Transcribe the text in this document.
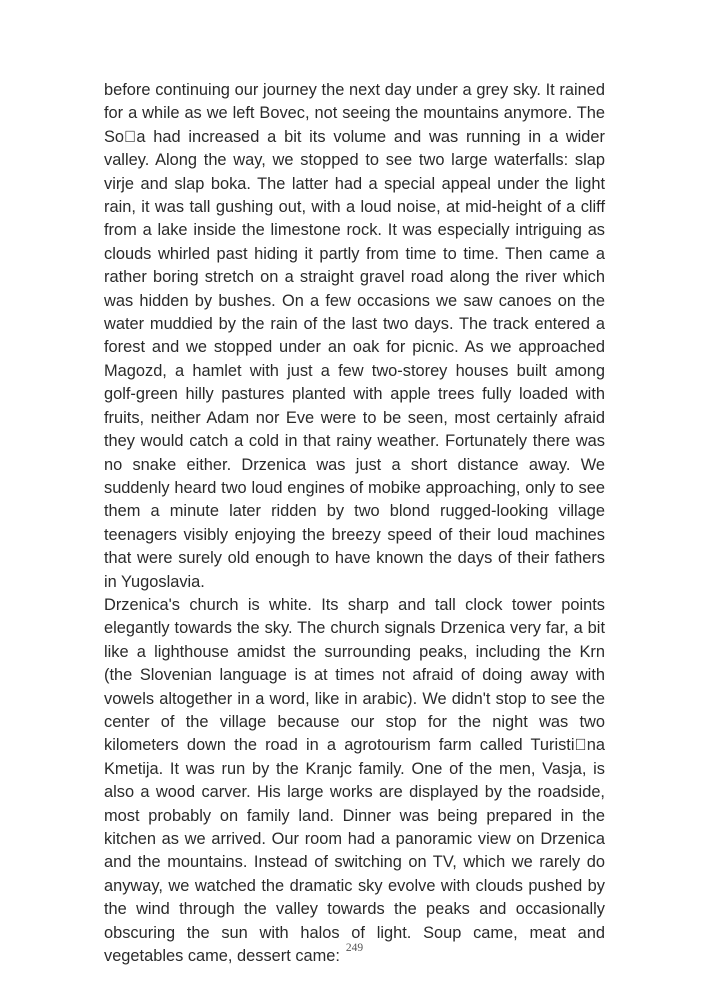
before continuing our journey the next day under a grey sky. It rained for a while as we left Bovec, not seeing the mountains anymore. The So a had increased a bit its volume and was running in a wider valley. Along the way, we stopped to see two large waterfalls: slap virje and slap boka. The latter had a special appeal under the light rain, it was tall gushing out, with a loud noise, at mid-height of a cliff from a lake inside the limestone rock. It was especially intriguing as clouds whirled past hiding it partly from time to time. Then came a rather boring stretch on a straight gravel road along the river which was hidden by bushes. On a few occasions we saw canoes on the water muddied by the rain of the last two days. The track entered a forest and we stopped under an oak for picnic. As we approached Magozd, a hamlet with just a few two-storey houses built among golf-green hilly pastures planted with apple trees fully loaded with fruits, neither Adam nor Eve were to be seen, most certainly afraid they would catch a cold in that rainy weather. Fortunately there was no snake either. Drzenica was just a short distance away. We suddenly heard two loud engines of mobike approaching, only to see them a minute later ridden by two blond rugged-looking village teenagers visibly enjoying the breezy speed of their loud machines that were surely old enough to have known the days of their fathers in Yugoslavia.

Drzenica's church is white. Its sharp and tall clock tower points elegantly towards the sky. The church signals Drzenica very far, a bit like a lighthouse amidst the surrounding peaks, including the Krn (the Slovenian language is at times not afraid of doing away with vowels altogether in a word, like in arabic). We didn't stop to see the center of the village because our stop for the night was two kilometers down the road in a agrotourism farm called Turisti na Kmetija. It was run by the Kranjc family. One of the men, Vasja, is also a wood carver. His large works are displayed by the roadside, most probably on family land. Dinner was being prepared in the kitchen as we arrived. Our room had a panoramic view on Drzenica and the mountains. Instead of switching on TV, which we rarely do anyway, we watched the dramatic sky evolve with clouds pushed by the wind through the valley towards the peaks and occasionally obscuring the sun with halos of light. Soup came, meat and vegetables came, dessert came: 249
